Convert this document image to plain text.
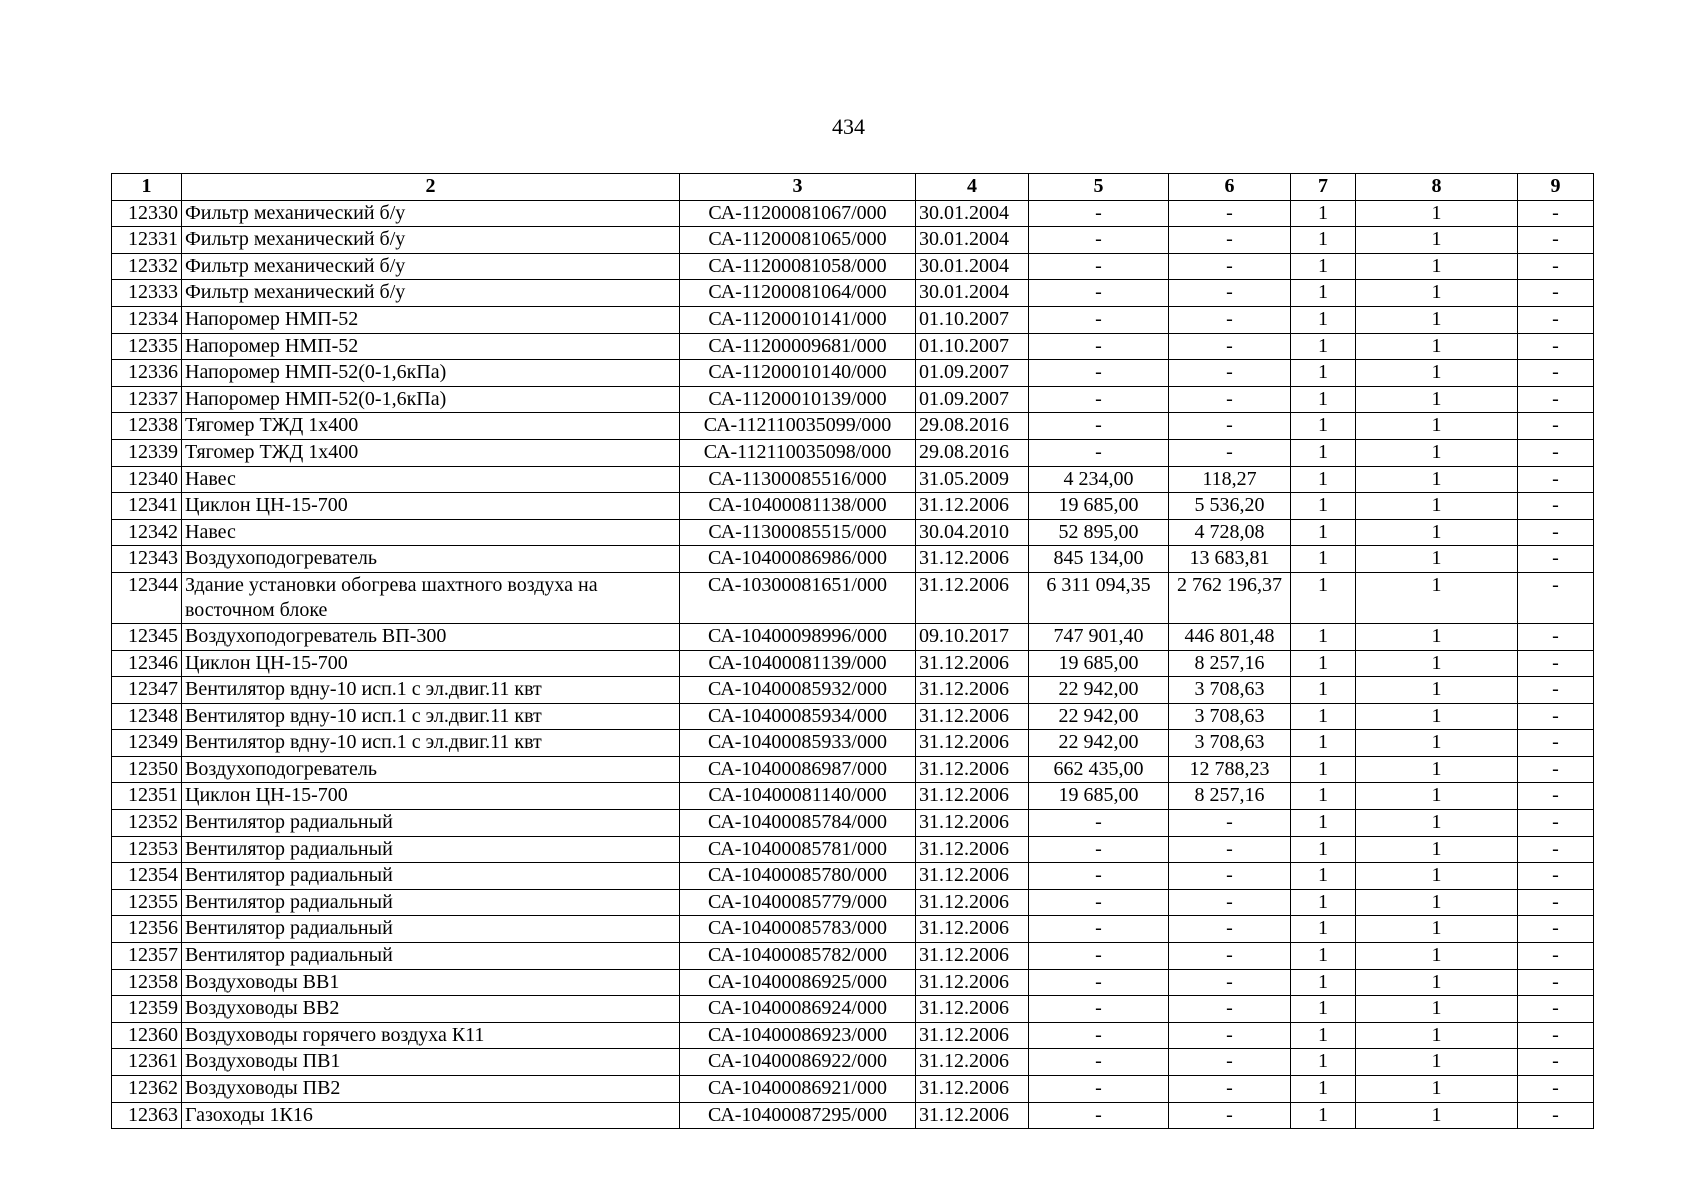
434
1	2	3	4	5	6	7	8	9
12330	Фильтр механический б/у	СА-11200081067/000	30.01.2004	-	-	1	1	-
12331	Фильтр механический б/у	СА-11200081065/000	30.01.2004	-	-	1	1	-
12332	Фильтр механический б/у	СА-11200081058/000	30.01.2004	-	-	1	1	-
12333	Фильтр механический б/у	СА-11200081064/000	30.01.2004	-	-	1	1	-
12334	Напоромер НМП-52	СА-11200010141/000	01.10.2007	-	-	1	1	-
12335	Напоромер НМП-52	СА-11200009681/000	01.10.2007	-	-	1	1	-
12336	Напоромер НМП-52(0-1,6кПа)	СА-11200010140/000	01.09.2007	-	-	1	1	-
12337	Напоромер НМП-52(0-1,6кПа)	СА-11200010139/000	01.09.2007	-	-	1	1	-
12338	Тягомер ТЖД 1х400	СА-112110035099/000	29.08.2016	-	-	1	1	-
12339	Тягомер ТЖД 1х400	СА-112110035098/000	29.08.2016	-	-	1	1	-
12340	Навес	СА-11300085516/000	31.05.2009	4 234,00	118,27	1	1	-
12341	Циклон ЦН-15-700	СА-10400081138/000	31.12.2006	19 685,00	5 536,20	1	1	-
12342	Навес	СА-11300085515/000	30.04.2010	52 895,00	4 728,08	1	1	-
12343	Воздухоподогреватель	СА-10400086986/000	31.12.2006	845 134,00	13 683,81	1	1	-
12344	Здание установки обогрева шахтного воздуха на восточном блоке	СА-10300081651/000	31.12.2006	6 311 094,35	2 762 196,37	1	1	-
12345	Воздухоподогреватель ВП-300	СА-10400098996/000	09.10.2017	747 901,40	446 801,48	1	1	-
12346	Циклон ЦН-15-700	СА-10400081139/000	31.12.2006	19 685,00	8 257,16	1	1	-
12347	Вентилятор вдну-10 исп.1 с эл.двиг.11 квт	СА-10400085932/000	31.12.2006	22 942,00	3 708,63	1	1	-
12348	Вентилятор вдну-10 исп.1 с эл.двиг.11 квт	СА-10400085934/000	31.12.2006	22 942,00	3 708,63	1	1	-
12349	Вентилятор вдну-10 исп.1 с эл.двиг.11 квт	СА-10400085933/000	31.12.2006	22 942,00	3 708,63	1	1	-
12350	Воздухоподогреватель	СА-10400086987/000	31.12.2006	662 435,00	12 788,23	1	1	-
12351	Циклон ЦН-15-700	СА-10400081140/000	31.12.2006	19 685,00	8 257,16	1	1	-
12352	Вентилятор радиальный	СА-10400085784/000	31.12.2006	-	-	1	1	-
12353	Вентилятор радиальный	СА-10400085781/000	31.12.2006	-	-	1	1	-
12354	Вентилятор радиальный	СА-10400085780/000	31.12.2006	-	-	1	1	-
12355	Вентилятор радиальный	СА-10400085779/000	31.12.2006	-	-	1	1	-
12356	Вентилятор радиальный	СА-10400085783/000	31.12.2006	-	-	1	1	-
12357	Вентилятор радиальный	СА-10400085782/000	31.12.2006	-	-	1	1	-
12358	Воздуховоды ВВ1	СА-10400086925/000	31.12.2006	-	-	1	1	-
12359	Воздуховоды ВВ2	СА-10400086924/000	31.12.2006	-	-	1	1	-
12360	Воздуховоды горячего воздуха К11	СА-10400086923/000	31.12.2006	-	-	1	1	-
12361	Воздуховоды ПВ1	СА-10400086922/000	31.12.2006	-	-	1	1	-
12362	Воздуховоды ПВ2	СА-10400086921/000	31.12.2006	-	-	1	1	-
12363	Газоходы 1К16	СА-10400087295/000	31.12.2006	-	-	1	1	-
